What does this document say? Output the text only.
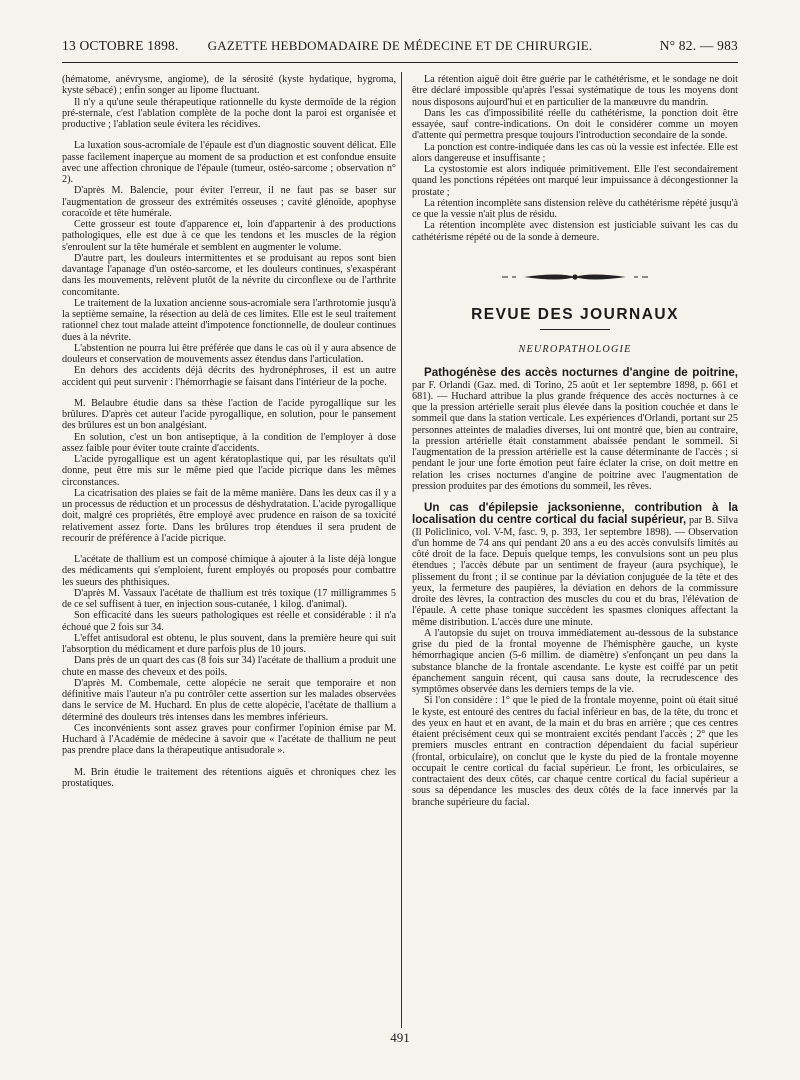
13 OCTOBRE 1898.	GAZETTE HEBDOMADAIRE DE MÉDECINE ET DE CHIRURGIE.	N° 82. — 983

(hématome, anévrysme, angiome), de la sérosité (kyste hydatique, hygroma, kyste sébacé) ; enfin songer au lipome fluctuant.

Il n'y a qu'une seule thérapeutique rationnelle du kyste dermoïde de la région pré-sternale, c'est l'ablation complète de la poche dont la paroi est organisée et productive ; l'ablation seule évitera les récidives.

La luxation sous-acromiale de l'épaule est d'un diagnostic souvent délicat. Elle passe facilement inaperçue au moment de sa production et est confondue ensuite avec une affection chronique de l'épaule (tumeur, ostéo-sarcome ; observation n° 2).

D'après M. Balencie, pour éviter l'erreur, il ne faut pas se baser sur l'augmentation de grosseur des extrémités osseuses ; cavité glénoïde, apophyse coracoïde et tête humérale.

Cette grosseur est toute d'apparence et, loin d'appartenir à des productions pathologiques, elle est due à ce que les tendons et les muscles de la région s'enroulent sur la tête humérale et semblent en augmenter le volume.

D'autre part, les douleurs intermittentes et se produisant au repos sont bien davantage l'apanage d'un ostéo-sarcome, et les douleurs continues, s'exaspérant dans les mouvements, relèvent plutôt de la névrite du circonflexe ou de l'arthrite concomitante.

Le traitement de la luxation ancienne sous-acromiale sera l'arthrotomie jusqu'à la septième semaine, la résection au delà de ces limites. Elle est le seul traitement rationnel chez tout malade atteint d'impotence fonctionnelle, de douleur continues dues à la névrite.

L'abstention ne pourra lui être préférée que dans le cas où il y aura absence de douleurs et conservation de mouvements assez étendus dans l'articulation.

En dehors des accidents déjà décrits des hydronéphroses, il est un autre accident qui peut survenir : l'hémorrhagie se faisant dans l'intérieur de la poche.

M. Belaubre étudie dans sa thèse l'action de l'acide pyrogallique sur les brûlures. D'après cet auteur l'acide pyrogallique, en solution, pour le pansement des brûlures est un bon analgésiant.

En solution, c'est un bon antiseptique, à la condition de l'employer à dose assez faible pour éviter toute crainte d'accidents.

L'acide pyrogallique est un agent kératoplastique qui, par les résultats qu'il donne, peut être mis sur le même pied que l'acide picrique dans les mêmes circonstances.

La cicatrisation des plaies se fait de la même manière. Dans les deux cas il y a un processus de réduction et un processus de déshydratation. L'acide pyrogallique doit, malgré ces propriétés, être employé avec prudence en raison de sa toxicité relativement assez forte. Dans les brûlures trop étendues il sera prudent de recourir de préférence à l'acide picrique.

L'acétate de thallium est un composé chimique à ajouter à la liste déjà longue des médicaments qui s'emploient, furent employés ou proposés pour combattre les sueurs des phthisiques.

D'après M. Vassaux l'acétate de thallium est très toxique (17 milligrammes 5 de ce sel suffisent à tuer, en injection sous-cutanée, 1 kilog. d'animal).

Son efficacité dans les sueurs pathologiques est réelle et considérable : il n'a échoué que 2 fois sur 34.

L'effet antisudoral est obtenu, le plus souvent, dans la première heure qui suit l'absorption du médicament et dure parfois plus de 10 jours.

Dans près de un quart des cas (8 fois sur 34) l'acétate de thallium a produit une chute en masse des cheveux et des poils.

D'après M. Combemale, cette alopécie ne serait que temporaire et non définitive mais l'auteur n'a pu contrôler cette assertion sur les malades observées dans le service de M. Huchard. En plus de cette alopécie, l'acétate de thallium a déterminé des douleurs très intenses dans les membres inférieurs.

Ces inconvénients sont assez graves pour confirmer l'opinion émise par M. Huchard à l'Académie de médecine à savoir que « l'acétate de thallium ne peut pas prendre place dans la thérapeutique antisudorale ».

M. Brin étudie le traitement des rétentions aiguës et chroniques chez les prostatiques.

La rétention aiguë doit être guérie par le cathétérisme, et le sondage ne doit être déclaré impossible qu'après l'essai systématique de tous les moyens dont nous disposons aujourd'hui et en particulier de la manœuvre du mandrin.

Dans les cas d'impossibilité réelle du cathétérisme, la ponction doit être essayée, sauf contre-indications. On doit le considérer comme un moyen d'attente qui permettra presque toujours l'introduction secondaire de la sonde.

La ponction est contre-indiquée dans les cas où la vessie est infectée. Elle est alors dangereuse et insuffisante ;

La cystostomie est alors indiquée primitivement. Elle l'est secondairement quand les ponctions répétées ont marqué leur impuissance à décongestionner la prostate ;

La rétention incomplète sans distension relève du cathétérisme répété jusqu'à ce que la vessie n'ait plus de résidu.

La rétention incomplète avec distension est justiciable suivant les cas du cathétérisme répété ou de la sonde à demeure.

REVUE DES JOURNAUX
NEUROPATHOLOGIE

Pathogénèse des accès nocturnes d'angine de poitrine, par F. Orlandi (Gaz. med. di Torino, 25 août et 1er septembre 1898, p. 661 et 681). — Huchard attribue la plus grande fréquence des accès nocturnes à ce que la pression artérielle serait plus élevée dans la position couchée et dans le sommeil que dans la station verticale. Les expériences d'Orlandi, portant sur 25 personnes atteintes de maladies diverses, lui ont montré que, bien au contraire, la pression artérielle était constamment abaissée pendant le sommeil. Si l'augmentation de la pression artérielle est la cause déterminante de l'accès ; si pendant le jour une forte émotion peut faire éclater la crise, on doit mettre en relation les crises nocturnes d'angine de poitrine avec l'augmentation de pression produites par des émotions du sommeil, les rêves.

Un cas d'épilepsie jacksonienne, contribution à la localisation du centre cortical du facial supérieur, par B. Silva (Il Policlinico, vol. V-M, fasc. 9, p. 393, 1er septembre 1898). — Observation d'un homme de 74 ans qui pendant 20 ans a eu des accès convulsifs limités au côté droit de la face. Depuis quelque temps, les convulsions sont un peu plus étendues ; l'accès débute par un sentiment de frayeur (aura psychique), le plissement du front ; il se continue par la déviation conjuguée de la tête et des yeux, la fermeture des paupières, la déviation en dehors de la commissure droite des lèvres, la contraction des muscles du cou et du bras, l'élévation de l'épaule. A cette phase tonique succèdent les spasmes cloniques affectant la même distribution. L'accès dure une minute.

A l'autopsie du sujet on trouva immédiatement au-dessous de la substance grise du pied de la frontal moyenne de l'hémisphère gauche, un kyste hémorrhagique ancien (5-6 millim. de diamètre) s'enfonçant un peu dans la substance blanche de la frontale ascendante. Le kyste est coiffé par un petit épanchement sanguin récent, qui causa sans doute, la recrudescence des symptômes observée dans les derniers temps de la vie.

Si l'on considère : 1° que le pied de la frontale moyenne, point où était situé le kyste, est entouré des centres du facial inférieur en bas, de la tête, du tronc et des yeux en haut et en avant, de la main et du bras en arrière ; que ces centres étaient précisément ceux qui se montraient excités pendant l'accès ; 2° que les premiers muscles entrant en contraction dépendaient du facial supérieur (frontal, orbiculaire), on conclut que le kyste du pied de la frontale moyenne occupait le centre cortical du facial supérieur. Le front, les orbiculaires, se contractaient des deux côtés, car chaque centre cortical du facial supérieur a sous sa dépendance les muscles des deux côtés de la face innervés par la branche supérieure du facial.

491
